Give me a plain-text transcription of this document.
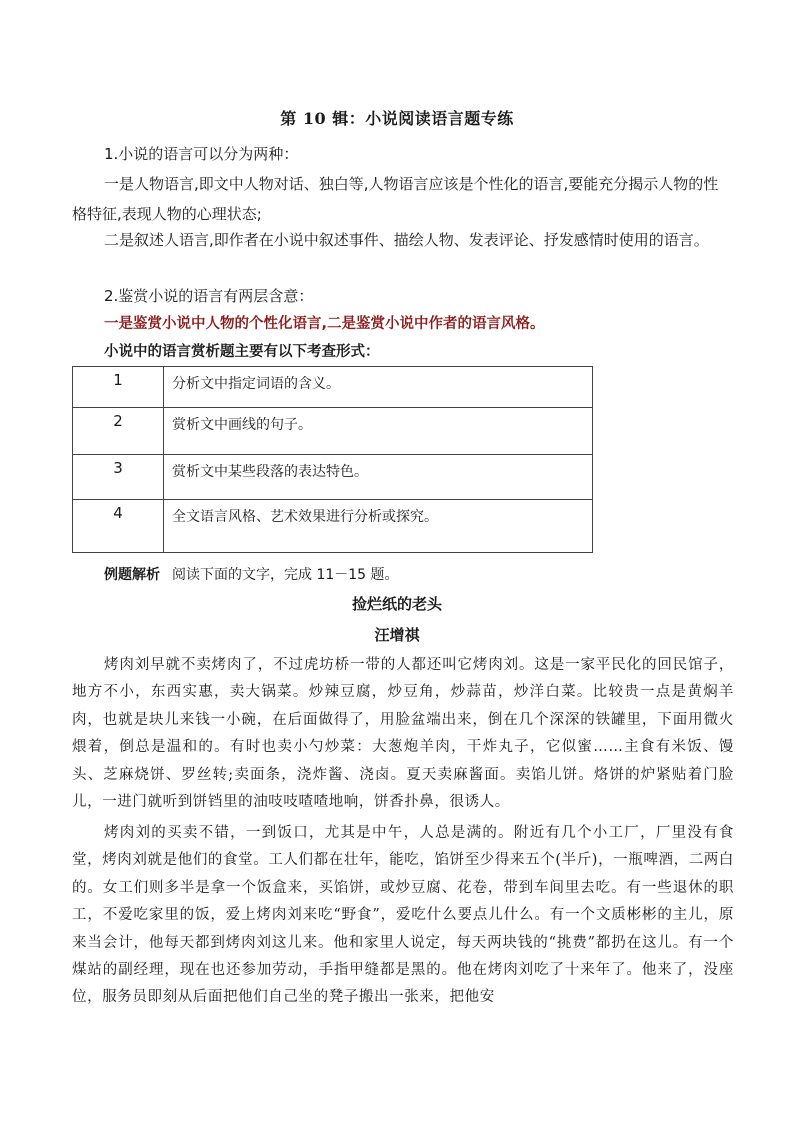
第 10 辑：小说阅读语言题专练
1.小说的语言可以分为两种：
一是人物语言,即文中人物对话、独白等,人物语言应该是个性化的语言,要能充分揭示人物的性格特征,表现人物的心理状态;
二是叙述人语言,即作者在小说中叙述事件、描绘人物、发表评论、抒发感情时使用的语言。
2.鉴赏小说的语言有两层含意：
一是鉴赏小说中人物的个性化语言,二是鉴赏小说中作者的语言风格。
小说中的语言赏析题主要有以下考查形式：
1	分析文中指定词语的含义。
2	赏析文中画线的句子。
3	赏析文中某些段落的表达特色。
4	全文语言风格、艺术效果进行分析或探究。
例题解析 阅读下面的文字，完成 11－15 题。
捡烂纸的老头
汪增祺
烤肉刘早就不卖烤肉了，不过虎坊桥一带的人都还叫它烤肉刘。这是一家平民化的回民馆子，地方不小，东西实惠，卖大锅菜。炒辣豆腐，炒豆角，炒蒜苗，炒洋白菜。比较贵一点是黄焖羊肉，也就是块儿来钱一小碗，在后面做得了，用脸盆端出来，倒在几个深深的铁罐里，下面用微火煨着，倒总是温和的。有时也卖小勺炒菜：大葱炮羊肉，干炸丸子，它似蜜……主食有米饭、馒头、芝麻烧饼、罗丝转;卖面条，浇炸酱、浇卤。夏天卖麻酱面。卖馅儿饼。烙饼的炉紧贴着门脸儿，一进门就听到饼铛里的油吱吱喳喳地响，饼香扑鼻，很诱人。
烤肉刘的买卖不错，一到饭口，尤其是中午，人总是满的。附近有几个小工厂，厂里没有食堂，烤肉刘就是他们的食堂。工人们都在壮年，能吃，馅饼至少得来五个(半斤)，一瓶啤酒，二两白的。女工们则多半是拿一个饭盒来，买馅饼，或炒豆腐、花卷，带到车间里去吃。有一些退休的职工，不爱吃家里的饭，爱上烤肉刘来吃“野食”，爱吃什么要点儿什么。有一个文质彬彬的主儿，原来当会计，他每天都到烤肉刘这儿来。他和家里人说定，每天两块钱的“挑费”都扔在这儿。有一个煤站的副经理，现在也还参加劳动，手指甲缝都是黑的。他在烤肉刘吃了十来年了。他来了，没座位，服务员即刻从后面把他们自己坐的凳子搬出一张来，把他安
